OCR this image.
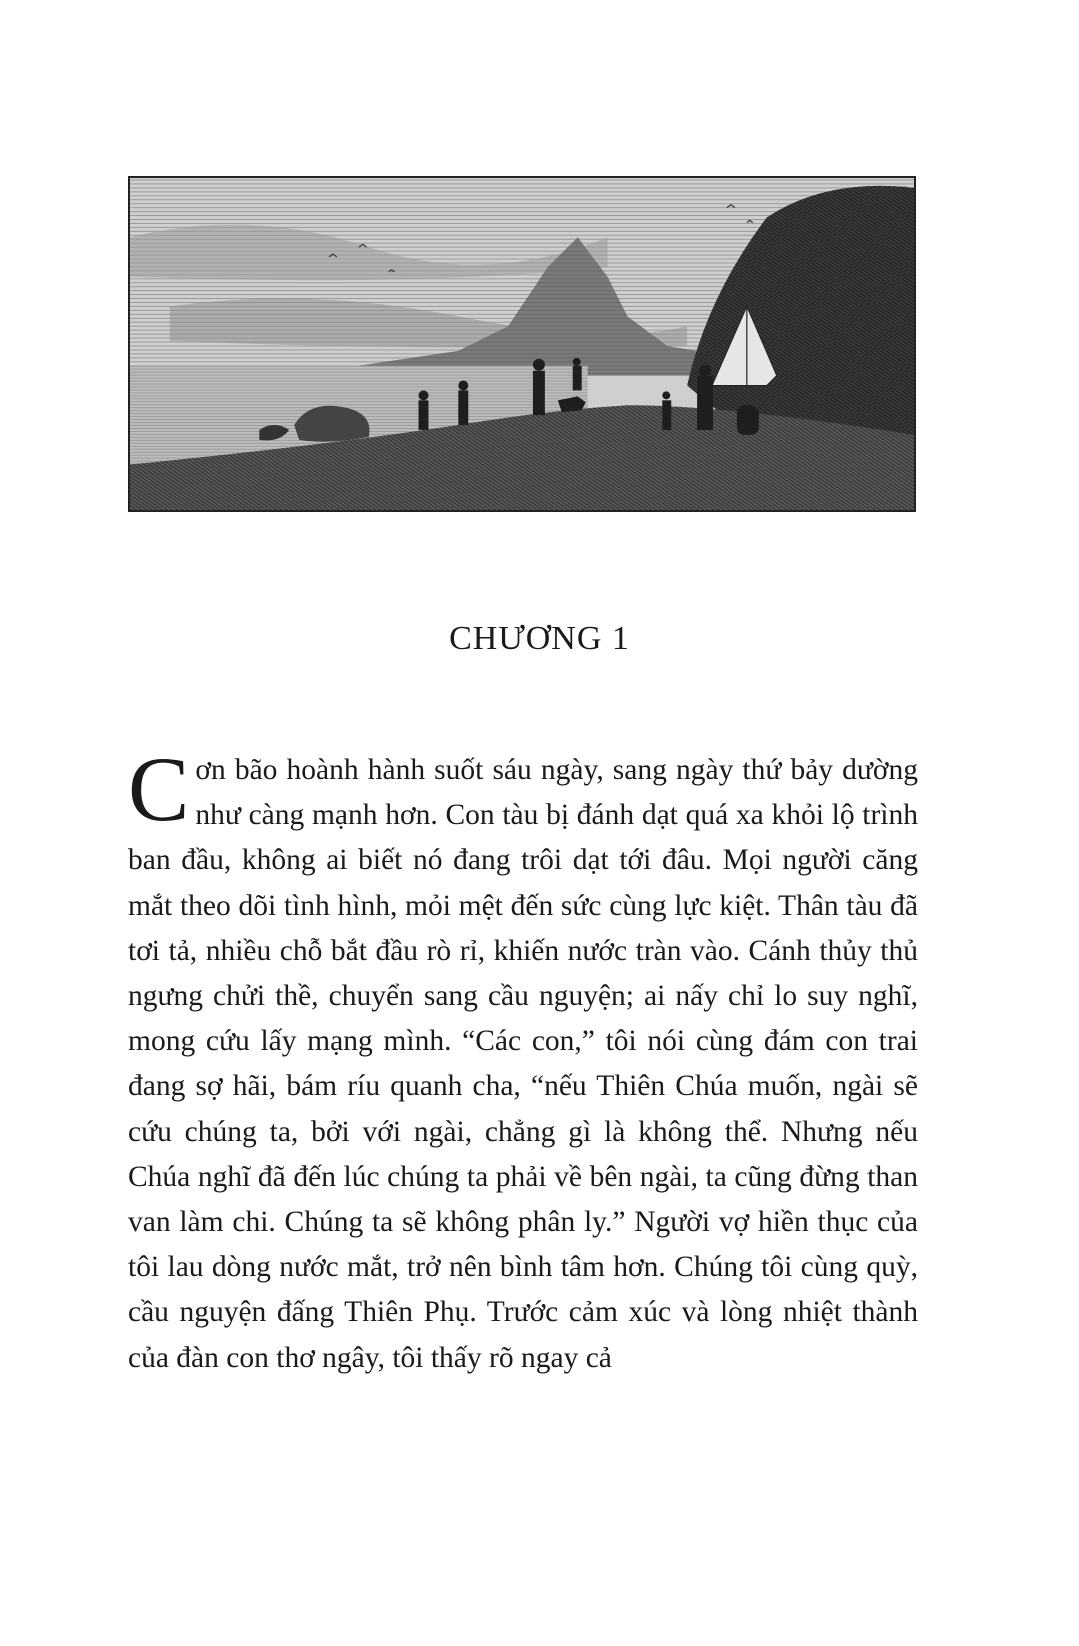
CHƯƠNG 1

Cơn bão hoành hành suốt sáu ngày, sang ngày thứ bảy dường như càng mạnh hơn. Con tàu bị đánh dạt quá xa khỏi lộ trình ban đầu, không ai biết nó đang trôi dạt tới đâu. Mọi người căng mắt theo dõi tình hình, mỏi mệt đến sức cùng lực kiệt. Thân tàu đã tơi tả, nhiều chỗ bắt đầu rò rỉ, khiến nước tràn vào. Cánh thủy thủ ngưng chửi thề, chuyển sang cầu nguyện; ai nấy chỉ lo suy nghĩ, mong cứu lấy mạng mình. “Các con,” tôi nói cùng đám con trai đang sợ hãi, bám ríu quanh cha, “nếu Thiên Chúa muốn, ngài sẽ cứu chúng ta, bởi với ngài, chẳng gì là không thể. Nhưng nếu Chúa nghĩ đã đến lúc chúng ta phải về bên ngài, ta cũng đừng than van làm chi. Chúng ta sẽ không phân ly.” Người vợ hiền thục của tôi lau dòng nước mắt, trở nên bình tâm hơn. Chúng tôi cùng quỳ, cầu nguyện đấng Thiên Phụ. Trước cảm xúc và lòng nhiệt thành của đàn con thơ ngây, tôi thấy rõ ngay cả
